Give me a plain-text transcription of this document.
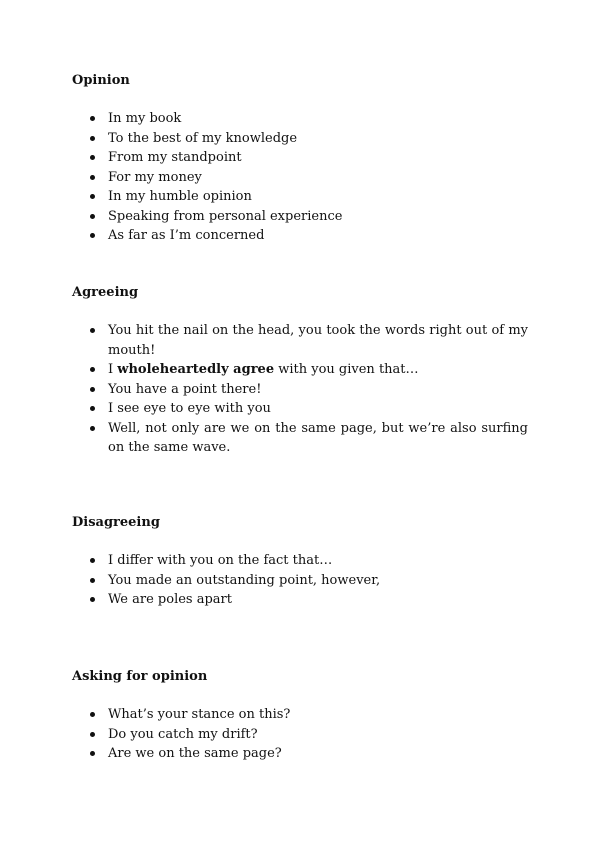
Opinion
In my book
To the best of my knowledge
From my standpoint
For my money
In my humble opinion
Speaking from personal experience
As far as I’m concerned
Agreeing
You hit the nail on the head, you took the words right out of my mouth!
I wholeheartedly agree with you given that…
You have a point there!
I see eye to eye with you
Well, not only are we on the same page, but we’re also surfing on the same wave.
Disagreeing
I differ with you on the fact that…
You made an outstanding point, however,
We are poles apart
Asking for opinion
What’s your stance on this?
Do you catch my drift?
Are we on the same page?
